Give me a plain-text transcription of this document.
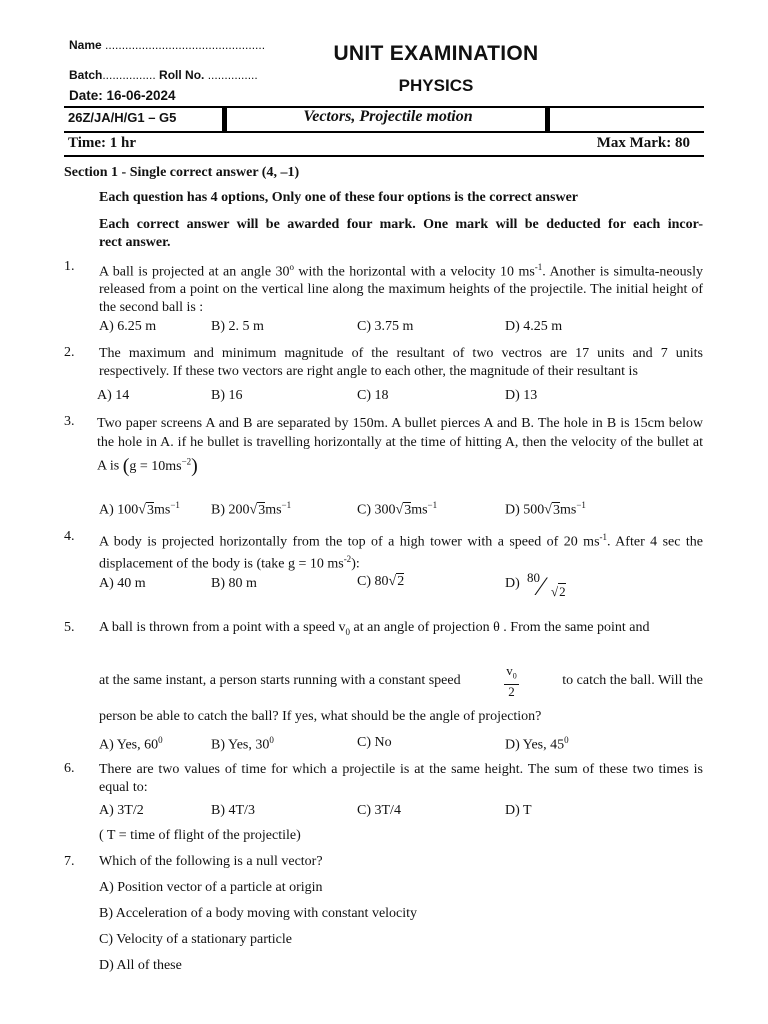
Name ................................................
Batch................ Roll No. ...............
Date: 16-06-2024
UNIT EXAMINATION
PHYSICS
26Z/JA/H/G1 – G5	Vectors, Projectile motion
Time: 1 hr	Max Mark: 80
Section 1 - Single correct answer (4, –1)
Each question has 4 options, Only one of these four options is the correct answer
Each correct answer will be awarded four mark. One mark will be deducted for each incor-
rect answer.
1. A ball is projected at an angle 30$^o$ with the horizontal with a velocity 10 $ms^{-1}$. Another is simulta-neously released from a point on the vertical line along the maximum heights of the projectile. The initial height of the second ball is :
A) 6.25 m	B) 2. 5 m	C) 3.75 m	D) 4.25 m
2. The maximum and minimum magnitude of the resultant of two vectros are 17 units and 7 units respectively. If these two vectors are right angle to each other, the magnitude of their resultant is
A) 14	B) 16	C) 18	D) 13
3. Two paper screens A and B are separated by 150m. A bullet pierces A and B. The hole in B is 15cm below the hole in A. if he bullet is travelling horizontally at the time of hitting A, then the velocity of the bullet at A is $(g = 10ms^{-2})$
A) $100√3ms^{-1}$ B) $200√3ms^{-1}$	C) $300√3ms^{-1}$	D) $500√3ms^{-1}$
4. A body is projected horizontally from the top of a high tower with a speed of 20 $ms^{-1}$. After 4 sec the displacement of the body is (take g = 10 $ms^{-2}$):
A) 40 m	B) 80 m	C) 80√2	D) 80 ⁄ √2
5. A ball is thrown from a point with a speed $v_0$ at an angle of projection θ . From the same point and
at the same instant, a person starts running with a constant speed	$\frac{v_0}{2}$	to catch the ball. Will the
person be able to catch the ball? If yes, what should be the angle of projection?
A) Yes, $60^0$	B) Yes, $30^0$	C) No	D) Yes, $45^0$
6. There are two values of time for which a projectile is at the same height. The sum of these two times is equal to:
A) 3T/2	B) 4T/3	C) 3T/4	D) T
( T = time of flight of the projectile)
7. Which of the following is a null vector?
A) Position vector of a particle at origin
B) Acceleration of a body moving with constant velocity
C) Velocity of a stationary particle
D) All of these
